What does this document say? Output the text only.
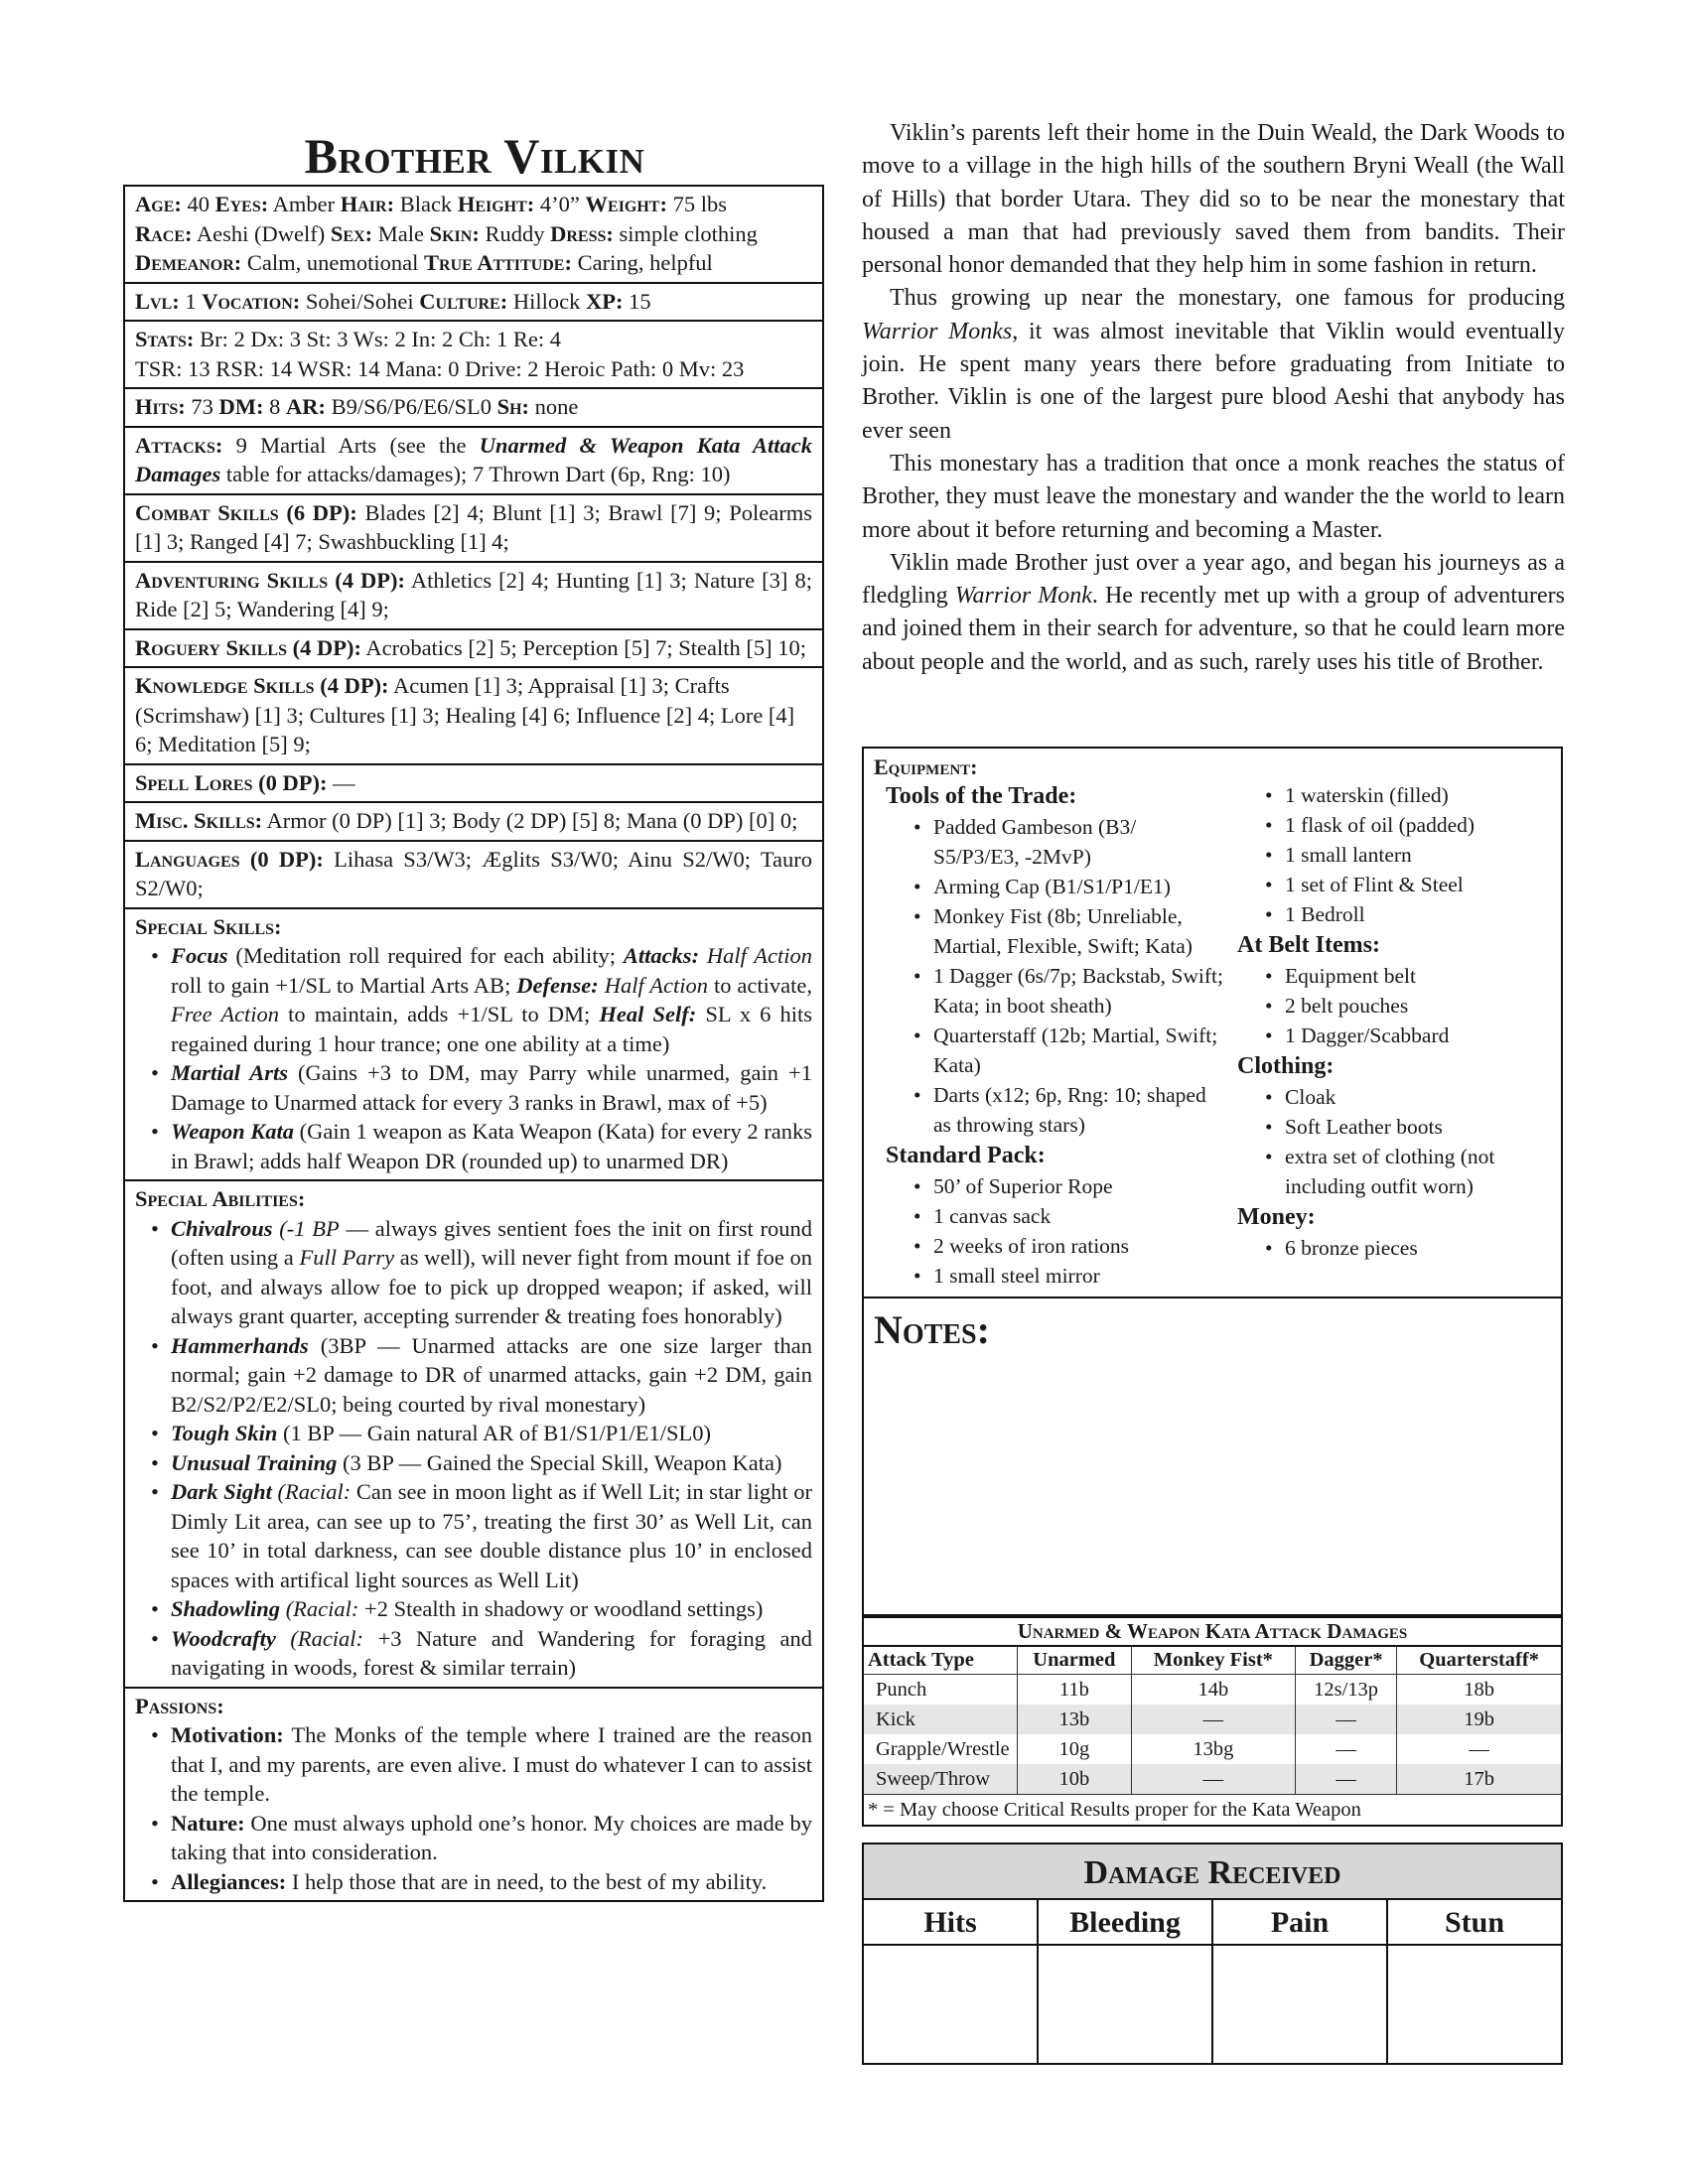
Brother Vilkin
Age: 40 Eyes: Amber Hair: Black Height: 4’0” Weight: 75 lbs
Race: Aeshi (Dwelf) Sex: Male Skin: Ruddy Dress: simple clothing
Demeanor: Calm, unemotional True Attitude: Caring, helpful
Lvl: 1 Vocation: Sohei/Sohei Culture: Hillock XP: 15
Stats: Br: 2 Dx: 3 St: 3 Ws: 2 In: 2 Ch: 1 Re: 4
TSR: 13 RSR: 14 WSR: 14 Mana: 0 Drive: 2 Heroic Path: 0 Mv: 23
Hits: 73 DM: 8 AR: B9/S6/P6/E6/SL0 Sh: none
Attacks: 9 Martial Arts (see the Unarmed & Weapon Kata Attack Damages table for attacks/damages); 7 Thrown Dart (6p, Rng: 10)
Combat Skills (6 DP): Blades [2] 4; Blunt [1] 3; Brawl [7] 9; Polearms [1] 3; Ranged [4] 7; Swashbuckling [1] 4;
Adventuring Skills (4 DP): Athletics [2] 4; Hunting [1] 3; Nature [3] 8; Ride [2] 5; Wandering [4] 9;
Roguery Skills (4 DP): Acrobatics [2] 5; Perception [5] 7; Stealth [5] 10;
Knowledge Skills (4 DP): Acumen [1] 3; Appraisal [1] 3; Crafts (Scrimshaw) [1] 3; Cultures [1] 3; Healing [4] 6; Influence [2] 4; Lore [4] 6; Meditation [5] 9;
Spell Lores (0 DP): —
Misc. Skills: Armor (0 DP) [1] 3; Body (2 DP) [5] 8; Mana (0 DP) [0] 0;
Languages (0 DP): Lihasa S3/W3; Æglits S3/W0; Ainu S2/W0; Tauro S2/W0;
Special Skills:
• Focus (Meditation roll required for each ability; Attacks: Half Action roll to gain +1/SL to Martial Arts AB; Defense: Half Action to activate, Free Action to maintain, adds +1/SL to DM; Heal Self: SL x 6 hits regained during 1 hour trance; one one ability at a time)
• Martial Arts (Gains +3 to DM, may Parry while unarmed, gain +1 Damage to Unarmed attack for every 3 ranks in Brawl, max of +5)
• Weapon Kata (Gain 1 weapon as Kata Weapon (Kata) for every 2 ranks in Brawl; adds half Weapon DR (rounded up) to unarmed DR)
Special Abilities:
• Chivalrous (-1 BP — always gives sentient foes the init on first round (often using a Full Parry as well), will never fight from mount if foe on foot, and always allow foe to pick up dropped weapon; if asked, will always grant quarter, accepting surrender & treating foes honorably)
• Hammerhands (3BP — Unarmed attacks are one size larger than normal; gain +2 damage to DR of unarmed attacks, gain +2 DM, gain B2/S2/P2/E2/SL0; being courted by rival monestary)
• Tough Skin (1 BP — Gain natural AR of B1/S1/P1/E1/SL0)
• Unusual Training (3 BP — Gained the Special Skill, Weapon Kata)
• Dark Sight (Racial: Can see in moon light as if Well Lit; in star light or Dimly Lit area, can see up to 75’, treating the first 30’ as Well Lit, can see 10’ in total darkness, can see double distance plus 10’ in enclosed spaces with artifical light sources as Well Lit)
• Shadowling (Racial: +2 Stealth in shadowy or woodland settings)
• Woodcrafty (Racial: +3 Nature and Wandering for foraging and navigating in woods, forest & similar terrain)
Passions:
• Motivation: The Monks of the temple where I trained are the reason that I, and my parents, are even alive. I must do whatever I can to assist the temple.
• Nature: One must always uphold one’s honor. My choices are made by taking that into consideration.
• Allegiances: I help those that are in need, to the best of my ability.

Viklin’s parents left their home in the Duin Weald, the Dark Woods to move to a village in the high hills of the southern Bryni Weall (the Wall of Hills) that border Utara. They did so to be near the monestary that housed a man that had previously saved them from bandits. Their personal honor demanded that they help him in some fashion in return.

Thus growing up near the monestary, one famous for producing Warrior Monks, it was almost inevitable that Viklin would eventually join. He spent many years there before graduating from Initiate to Brother. Viklin is one of the largest pure blood Aeshi that anybody has ever seen

This monestary has a tradition that once a monk reaches the status of Brother, they must leave the monestary and wander the the world to learn more about it before returning and becoming a Master.

Viklin made Brother just over a year ago, and began his journeys as a fledgling Warrior Monk. He recently met up with a group of adventurers and joined them in their search for adventure, so that he could learn more about people and the world, and as such, rarely uses his title of Brother.

Equipment:
Tools of the Trade:
• Padded Gambeson (B3/ S5/P3/E3, -2MvP)
• Arming Cap (B1/S1/P1/E1)
• Monkey Fist (8b; Unreliable, Martial, Flexible, Swift; Kata)
• 1 Dagger (6s/7p; Backstab, Swift; Kata; in boot sheath)
• Quarterstaff (12b; Martial, Swift; Kata)
• Darts (x12; 6p, Rng: 10; shaped as throwing stars)
Standard Pack:
• 50’ of Superior Rope
• 1 canvas sack
• 2 weeks of iron rations
• 1 small steel mirror
• 1 waterskin (filled)
• 1 flask of oil (padded)
• 1 small lantern
• 1 set of Flint & Steel
• 1 Bedroll
At Belt Items:
• Equipment belt
• 2 belt pouches
• 1 Dagger/Scabbard
Clothing:
• Cloak
• Soft Leather boots
• extra set of clothing (not including outfit worn)
Money:
• 6 bronze pieces
Notes:
Unarmed & Weapon Kata Attack Damages
Attack Type	Unarmed	Monkey Fist*	Dagger*	Quarterstaff*
Punch	11b	14b	12s/13p	18b
Kick	13b	—	—	19b
Grapple/Wrestle	10g	13bg	—	—
Sweep/Throw	10b	—	—	17b
* = May choose Critical Results proper for the Kata Weapon
Damage Received
Hits	Bleeding	Pain	Stun
